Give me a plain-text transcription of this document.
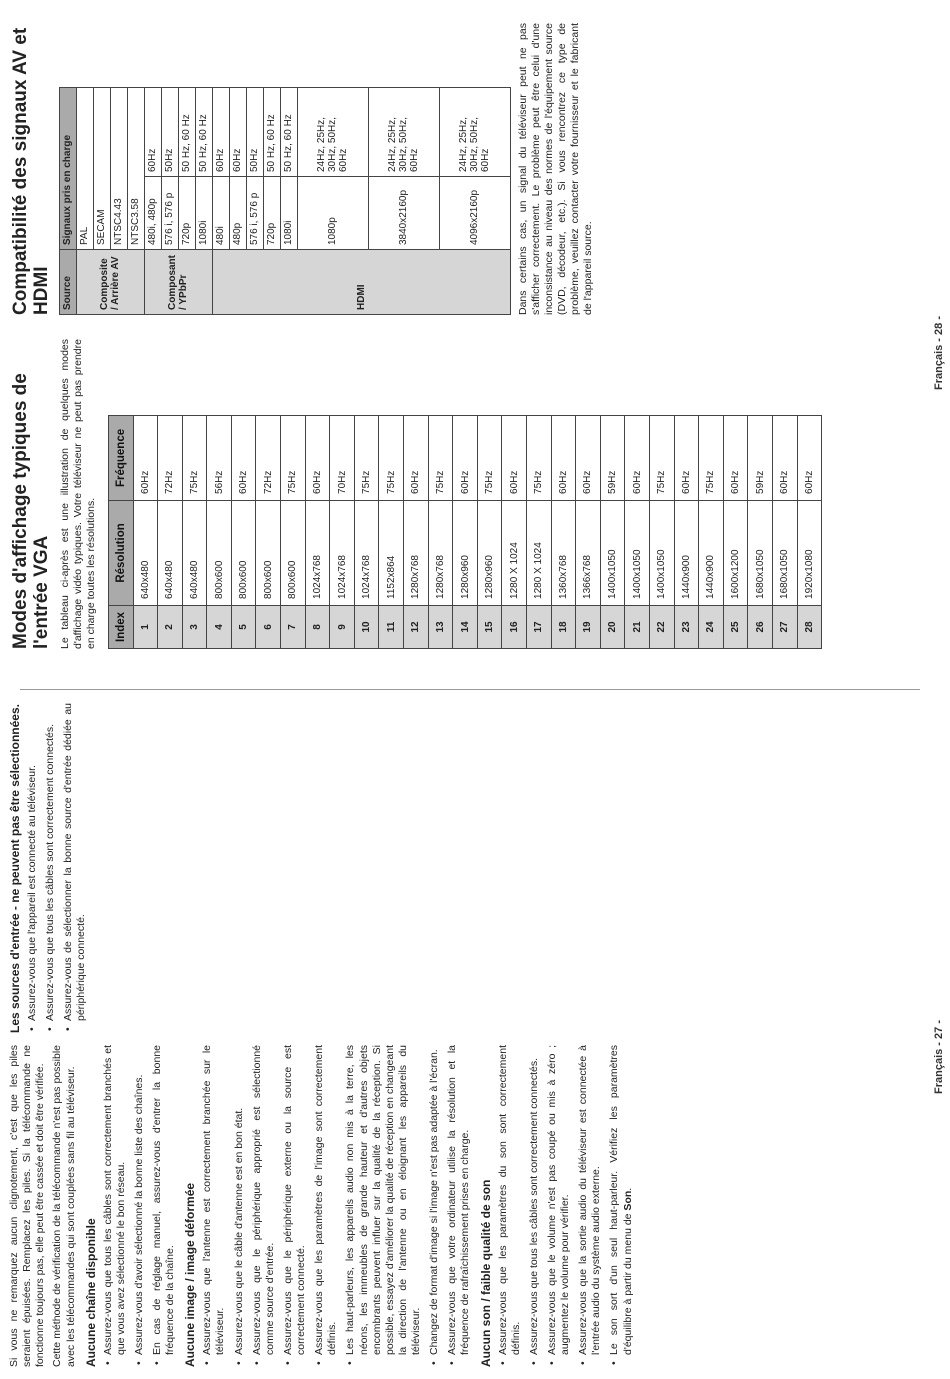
Si vous ne remarquez aucun clignotement, c'est que les piles seraient épuisées. Remplacez les piles. Si la télécommande ne fonctionne toujours pas, elle peut être cassée et doit être vérifiée. Cette méthode de vérification de la télécommande n'est pas possible avec les télécommandes qui sont couplées sans fil au téléviseur. Aucune chaîne disponible • Assurez-vous que tous les câbles sont correctement branchés et que vous avez sélectionné le bon réseau. • Assurez-vous d'avoir sélectionné la bonne liste des chaînes. • En cas de réglage manuel, assurez-vous d'entrer la bonne fréquence de la chaîne. Aucune image / image déformée • Assurez-vous que l'antenne est correctement branchée sur le téléviseur. • Assurez-vous que le câble d'antenne est en bon état. • Assurez-vous que le périphérique approprié est sélectionné comme source d'entrée. • Assurez-vous que le périphérique externe ou la source est correctement connecté. • Assurez-vous que les paramètres de l'image sont correctement définis. • Les haut-parleurs, les appareils audio non mis à la terre, les néons, les immeubles de grande hauteur et d'autres objets encombrants peuvent influer sur la qualité de la réception. Si possible, essayez d'améliorer la qualité de réception en changeant la direction de l'antenne ou en éloignant les appareils du téléviseur. • Changez de format d'image si l'image n'est pas adaptée à l'écran. • Assurez-vous que votre ordinateur utilise la résolution et la fréquence de rafraîchissement prises en charge. Aucun son / faible qualité de son • Assurez-vous que les paramètres du son sont correctement définis. • Assurez-vous que tous les câbles sont correctement connectés. • Assurez-vous que le volume n'est pas coupé ou mis à zéro ; augmentez le volume pour vérifier. • Assurez-vous que la sortie audio du téléviseur est connectée à l'entrée audio du système audio externe. • Le son sort d'un seul haut-parleur. Vérifiez les paramètres d'équilibre à partir du menu de Son.
Les sources d'entrée - ne peuvent pas être sélectionnées. • Assurez-vous que l'appareil est connecté au téléviseur. • Assurez-vous que tous les câbles sont correctement connectés. • Assurez-vous de sélectionner la bonne source d'entrée dédiée au périphérique connecté.
Français - 27 -
Modes d'affichage typiques de l'entrée VGA Le tableau ci-après est une illustration de quelques modes d'affichage vidéo typiques. Votre téléviseur ne peut pas prendre en charge toutes les résolutions. Index	Résolution	Fréquence
1	640x480	60Hz
2	640x480	72Hz
3	640x480	75Hz
4	800x600	56Hz
5	800x600	60Hz
6	800x600	72Hz
7	800x600	75Hz
8	1024x768	60Hz
9	1024x768	70Hz
10	1024x768	75Hz
11	1152x864	75Hz
12	1280x768	60Hz
13	1280x768	75Hz
14	1280x960	60Hz
15	1280x960	75Hz
16	1280 X 1024	60Hz
17	1280 X 1024	75Hz
18	1360x768	60Hz
19	1366x768	60Hz
20	1400x1050	59Hz
21	1400x1050	60Hz
22	1400x1050	75Hz
23	1440x900	60Hz
24	1440x900	75Hz
25	1600x1200	60Hz
26	1680x1050	59Hz
27	1680x1050	60Hz
28	1920x1080	60Hz
Compatibilité des signaux AV et HDMI Source	Signaux pris en charge	
Composite / Arrière AV	PAL	
	SECAM	
	NTSC4.43	
	NTSC3.58	
Composant / YPbPr	480i, 480p	60Hz
	576 i, 576 p	50Hz
	720p	50 Hz, 60 Hz
	1080i	50 Hz, 60 Hz
HDMI	480i	60Hz
	480p	60Hz
	576 i, 576 p	50Hz
	720p	50 Hz, 60 Hz
	1080i	50 Hz, 60 Hz
	1080p	24Hz, 25Hz, 30Hz, 50Hz, 60Hz
	3840x2160p	24Hz, 25Hz, 30Hz, 50Hz, 60Hz
	4096x2160p	24Hz, 25Hz, 30Hz, 50Hz, 60Hz Dans certains cas, un signal du téléviseur peut ne pas s'afficher correctement. Le problème peut être celui d'une inconsistance au niveau des normes de l'équipement source (DVD, décodeur, etc.). Si vous rencontrez ce type de problème, veuillez contacter votre fournisseur et le fabricant de l'appareil source.
Français - 28 -
